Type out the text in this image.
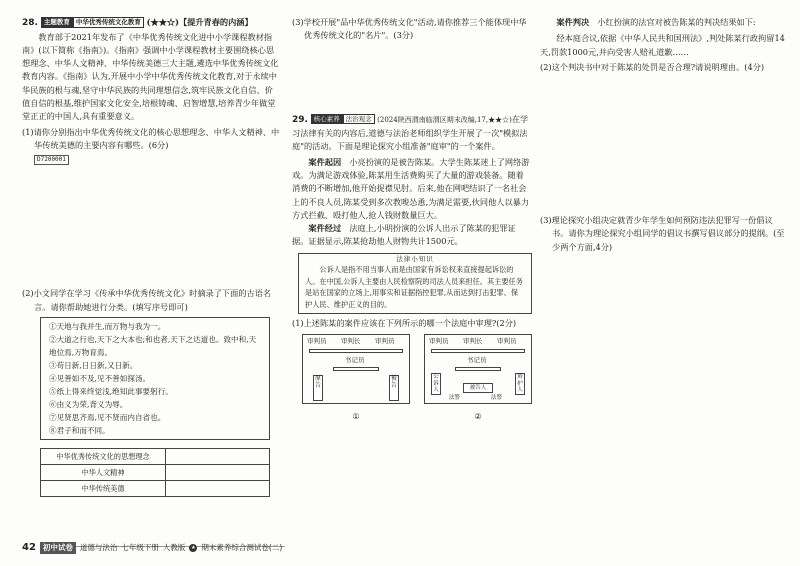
28. 主题教育 中华优秀传统文化教育 (★★☆)【提升青春的内涵】

教育部于2021年发布了《中华优秀传统文化进中小学课程教材指南》(以下简称《指南》)。《指南》强调中小学课程教材主要围绕核心思想理念、中华人文精神、中华传统美德三大主题,遴选中华优秀传统文化教育内容。《指南》认为,开展中小学中华优秀传统文化教育,对于永续中华民族的根与魂,坚守中华民族的共同理想信念,筑牢民族文化自信、价值自信的根基,维护国家文化安全,培根铸魂、启智增慧,培养青少年做堂堂正正的中国人,具有重要意义。

(1)请你分别指出中华优秀传统文化的核心思想理念、中华人文精神、中华传统美德的主要内容有哪些。(6分)
D7200001
(2)小文同学在学习《传承中华优秀传统文化》时摘录了下面的古语名言。请你帮助她进行分类。(填写序号即可)
①天地与我并生,而万物与我为一。
②大道之行也,天下之大本也;和也者,天下之达道也。致中和,天地位焉,万物育焉。
③苟日新,日日新,又日新。
④见善如不及,见不善如探汤。
⑤纸上得来终觉浅,绝知此事要躬行。
⑥由义为荣,背义为辱。
⑦见贤思齐焉,见不贤而内自省也。
⑧君子和而不同。
中华优秀传统文化的思想理念	
中华人文精神	
中华传统美德	
(3)学校开展"品中华优秀传统文化"活动,请你推荐三个能体现中华优秀传统文化的"名片"。(3分)
29. 核心素养 法治观念 (2024陕西渭南临渭区期末改编,17,★★☆)在学习法律有关的内容后,道德与法治老师组织学生开展了一次"模拟法庭"的活动。下面是理论探究小组准备"庭审"的一个案件。

案件起因　 小亮扮演的是被告陈某。大学生陈某迷上了网络游戏。为满足游戏体验,陈某用生活费购买了大量的游戏装备。随着消费的不断增加,他开始捉襟见肘。后来,他在网吧结识了一名社会上的不良人员,陈某受到多次教唆怂恿,为满足需要,伙同他人以暴力方式拦截、殴打他人,抢人钱财数量巨大。

案件经过　 法庭上,小明扮演的公诉人出示了陈某的犯罪证据。证据显示,陈某抢劫他人财物共计1500元。

法律小知识

公诉人是指不用当事人而是由国家有诉讼权来直接提起诉讼的人。在中国,公诉人主要由人民检察院的司法人员来担任。其主要任务是站在国家的立场上,用事实和证据指控犯罪,从而达到打击犯罪、保护人民、维护正义的目的。

(1)上述陈某的案件应该在下列所示的哪一个法庭中审理?(2分)
审判员 审判长 审判员
书记员
原告
被告
①
审判员 审判长 审判员
书记员
公诉人
辩护人
被告人
法警	法警
②

案件判决　 小红扮演的法官对被告陈某的判决结果如下:

经本庭合议,依据《中华人民共和国刑法》,判处陈某行政拘留14天,罚款1000元,并向受害人赔礼道歉……

(2)这个判决书中对于陈某的处罚是否合理?请说明理由。(4分)
(3)理论探究小组决定就青少年学生如何预防违法犯罪写一份倡议书。请你为理论探究小组同学的倡议书撰写倡议部分的提纲。(至少两个方面,4分)
42 初中试卷 道德与法治 七年级下册 人教版	★ 期末素养综合测试卷(二)
